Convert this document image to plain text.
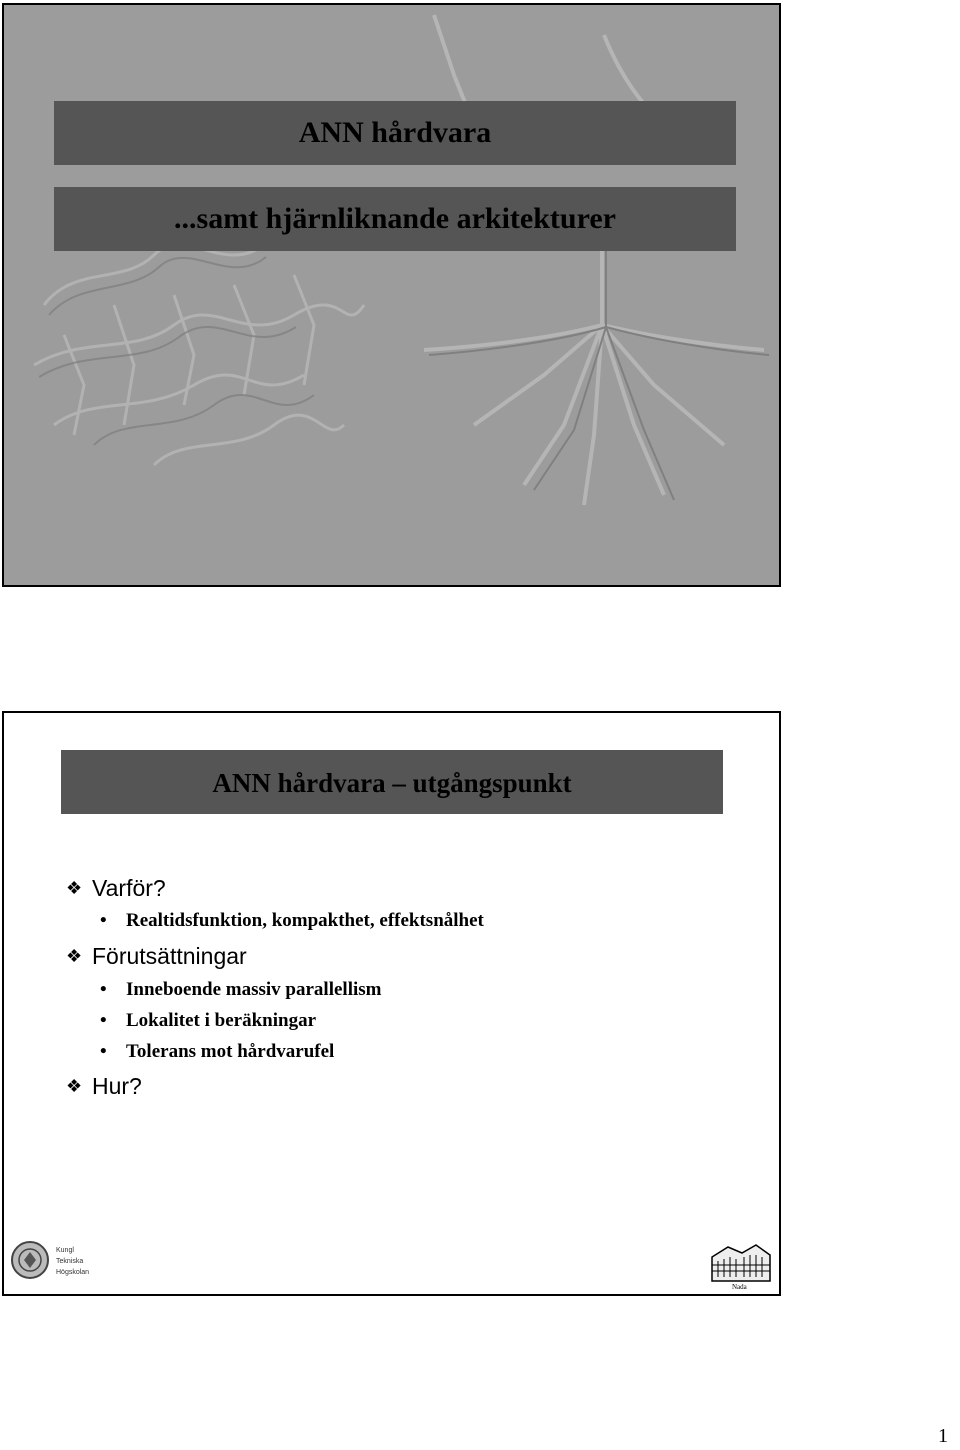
ANN hårdvara
...samt hjärnliknande arkitekturer
ANN hårdvara – utgångspunkt
❖ Varför?
• Realtidsfunktion, kompakthet, effektsnålhet
❖ Förutsättningar
• Inneboende massiv parallellism
• Lokalitet i beräkningar
• Tolerans mot hårdvarufel
❖ Hur?
Kungl
Tekniska
Högskolan
Nada
1
